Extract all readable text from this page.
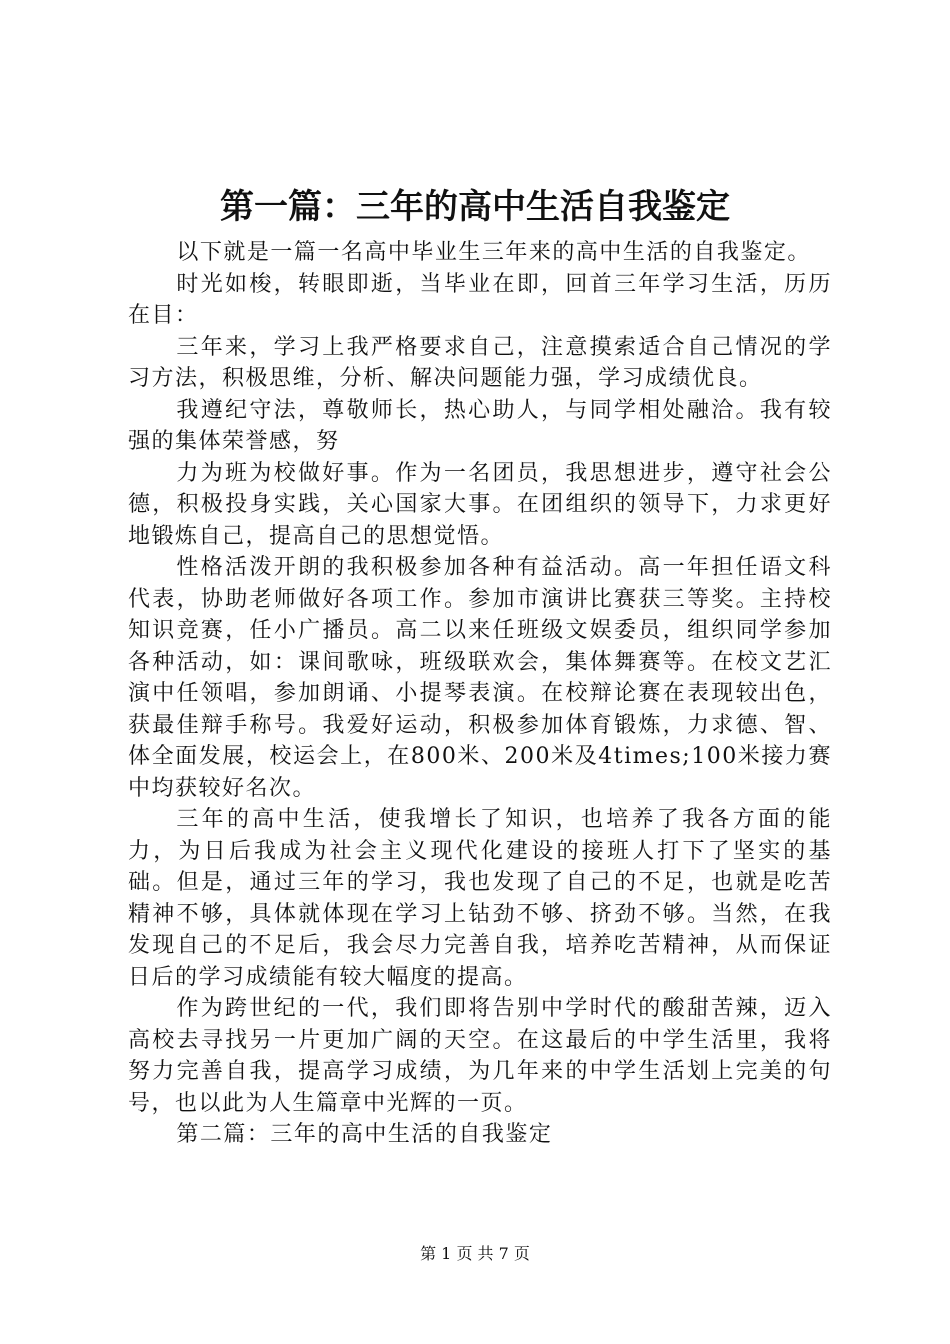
第一篇：三年的高中生活自我鉴定

以下就是一篇一名高中毕业生三年来的高中生活的自我鉴定。

时光如梭，转眼即逝，当毕业在即，回首三年学习生活，历历在目：

三年来，学习上我严格要求自己，注意摸索适合自己情况的学习方法，积极思维，分析、解决问题能力强，学习成绩优良。

我遵纪守法，尊敬师长，热心助人，与同学相处融洽。我有较强的集体荣誉感，努

力为班为校做好事。作为一名团员，我思想进步，遵守社会公德，积极投身实践，关心国家大事。在团组织的领导下，力求更好地锻炼自己，提高自己的思想觉悟。

性格活泼开朗的我积极参加各种有益活动。高一年担任语文科代表，协助老师做好各项工作。参加市演讲比赛获三等奖。主持校知识竞赛，任小广播员。高二以来任班级文娱委员，组织同学参加各种活动，如：课间歌咏，班级联欢会，集体舞赛等。在校文艺汇演中任领唱，参加朗诵、小提琴表演。在校辩论赛在表现较出色，获最佳辩手称号。我爱好运动，积极参加体育锻炼，力求德、智、体全面发展，校运会上，在800米、200米及4times;100米接力赛中均获较好名次。

三年的高中生活，使我增长了知识，也培养了我各方面的能力，为日后我成为社会主义现代化建设的接班人打下了坚实的基础。但是，通过三年的学习，我也发现了自己的不足，也就是吃苦精神不够，具体就体现在学习上钻劲不够、挤劲不够。当然，在我发现自己的不足后，我会尽力完善自我，培养吃苦精神，从而保证日后的学习成绩能有较大幅度的提高。

作为跨世纪的一代，我们即将告别中学时代的酸甜苦辣，迈入高校去寻找另一片更加广阔的天空。在这最后的中学生活里，我将努力完善自我，提高学习成绩，为几年来的中学生活划上完美的句号，也以此为人生篇章中光辉的一页。

第二篇：三年的高中生活的自我鉴定

第 1 页 共 7 页
